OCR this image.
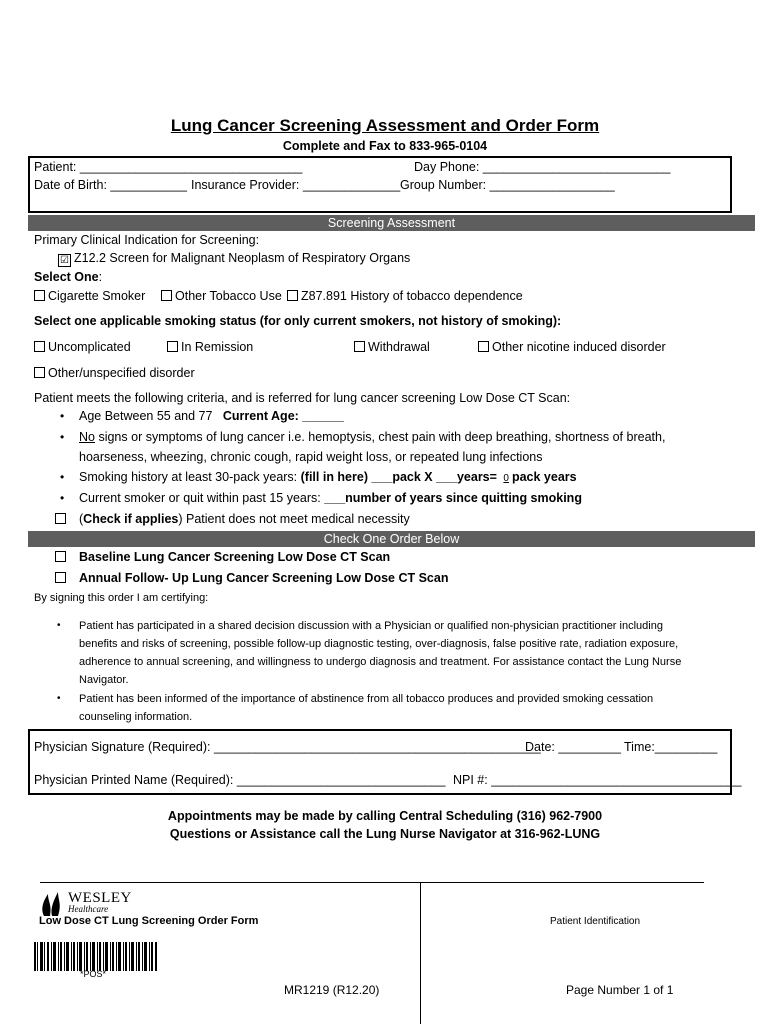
Lung Cancer Screening Assessment and Order Form
Complete and Fax to 833-965-0104
Patient: ________________________________	Day Phone: ___________________________
Date of Birth: ___________ Insurance Provider: ______________ Group Number: __________________
Screening Assessment
Primary Clinical Indication for Screening:
☑ Z12.2 Screen for Malignant Neoplasm of Respiratory Organs
Select One:
Cigarette Smoker	Other Tobacco Use	Z87.891 History of tobacco dependence
Select one applicable smoking status (for only current smokers, not history of smoking):
Uncomplicated	In Remission	Withdrawal	Other nicotine induced disorder
Other/unspecified disorder
Patient meets the following criteria, and is referred for lung cancer screening Low Dose CT Scan:
• Age Between 55 and 77 Current Age: ______
• No signs or symptoms of lung cancer i.e. hemoptysis, chest pain with deep breathing, shortness of breath,
hoarseness, wheezing, chronic cough, rapid weight loss, or repeated lung infections
• Smoking history at least 30-pack years: (fill in here) ___pack X ___years= 0 pack years
• Current smoker or quit within past 15 years: ___number of years since quitting smoking
(Check if applies) Patient does not meet medical necessity
Check One Order Below
Baseline Lung Cancer Screening Low Dose CT Scan
Annual Follow- Up Lung Cancer Screening Low Dose CT Scan
By signing this order I am certifying:
• Patient has participated in a shared decision discussion with a Physician or qualified non-physician practitioner including
benefits and risks of screening, possible follow-up diagnostic testing, over-diagnosis, false positive rate, radiation exposure,
adherence to annual screening, and willingness to undergo diagnosis and treatment. For assistance contact the Lung Nurse
Navigator.
• Patient has been informed of the importance of abstinence from all tobacco produces and provided smoking cessation
counseling information.
Physician Signature (Required): _______________________________________________
Date: _________ Time:_________
Physician Printed Name (Required): ______________________________ NPI #: ____________________________________
Appointments may be made by calling Central Scheduling (316) 962-7900
Questions or Assistance call the Lung Nurse Navigator at 316-962-LUNG
WESLEY
Healthcare
Low Dose CT Lung Screening Order Form
*POS*
MR1219 (R12.20)
Patient Identification
Page Number 1 of 1
